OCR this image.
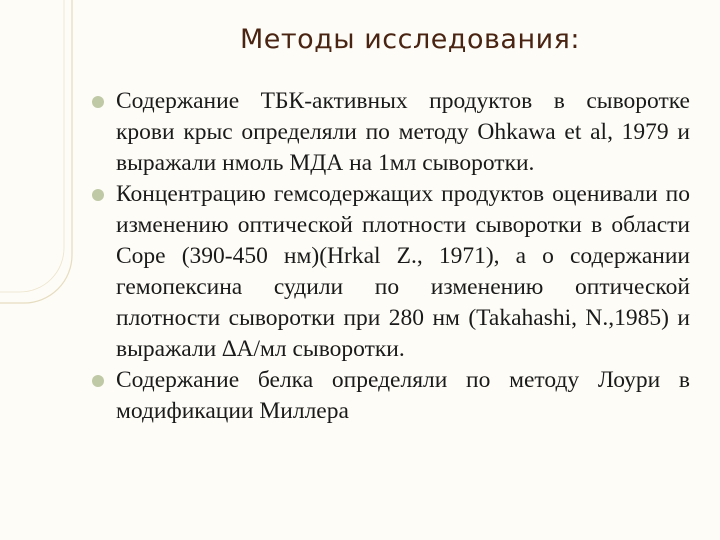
Методы исследования:
Содержание ТБК-активных продуктов в сыворотке крови крыс определяли по методу Ohkawa et al, 1979 и выражали нмоль МДА на 1мл сыворотки.
Концентрацию гемсодержащих продуктов оценивали по изменению оптической плотности сыворотки в области Соре (390-450 нм)(Hrkal Z., 1971), а о содержании гемопексина судили по изменению оптической плотности сыворотки при 280 нм (Takahashi, N.,1985) и выражали ∆А/мл сыворотки.
Содержание белка определяли по методу Лоури в модификации Миллера
